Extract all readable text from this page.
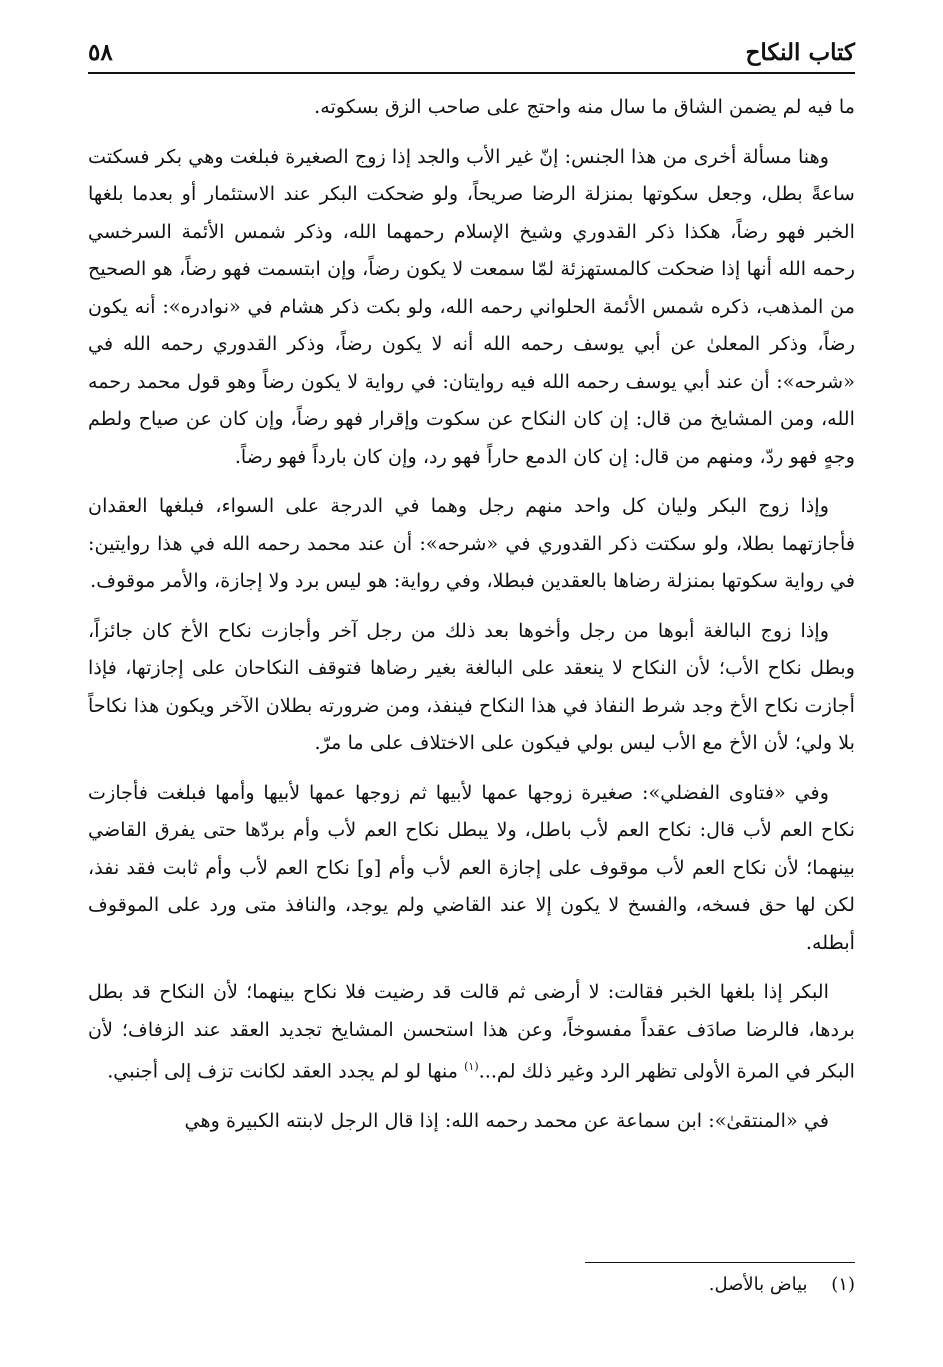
كتاب النكاح
٥٨

ما فيه لم يضمن الشاق ما سال منه واحتج على صاحب الزق بسكوته.

وهنا مسألة أخرى من هذا الجنس: إنّ غير الأب والجد إذا زوج الصغيرة فبلغت وهي بكر فسكتت ساعةً بطل، وجعل سكوتها بمنزلة الرضا صريحاً، ولو ضحكت البكر عند الاستئمار أو بعدما بلغها الخبر فهو رضاً، هكذا ذكر القدوري وشيخ الإسلام رحمهما الله، وذكر شمس الأئمة السرخسي رحمه الله أنها إذا ضحكت كالمستهزئة لمّا سمعت لا يكون رضاً، وإن ابتسمت فهو رضاً، هو الصحيح من المذهب، ذكره شمس الأئمة الحلواني رحمه الله، ولو بكت ذكر هشام في «نوادره»: أنه يكون رضاً، وذكر المعلىٰ عن أبي يوسف رحمه الله أنه لا يكون رضاً، وذكر القدوري رحمه الله في «شرحه»: أن عند أبي يوسف رحمه الله فيه روايتان: في رواية لا يكون رضاً وهو قول محمد رحمه الله، ومن المشايخ من قال: إن كان النكاح عن سكوت وإقرار فهو رضاً، وإن كان عن صياح ولطم وجهٍ فهو ردّ، ومنهم من قال: إن كان الدمع حاراً فهو رد، وإن كان بارداً فهو رضاً.

وإذا زوج البكر وليان كل واحد منهم رجل وهما في الدرجة على السواء، فبلغها العقدان فأجازتهما بطلا، ولو سكتت ذكر القدوري في «شرحه»: أن عند محمد رحمه الله في هذا روايتين: في رواية سكوتها بمنزلة رضاها بالعقدين فبطلا، وفي رواية: هو ليس برد ولا إجازة، والأمر موقوف.

وإذا زوج البالغة أبوها من رجل وأخوها بعد ذلك من رجل آخر وأجازت نكاح الأخ كان جائزاً، وبطل نكاح الأب؛ لأن النكاح لا ينعقد على البالغة بغير رضاها فتوقف النكاحان على إجازتها، فإذا أجازت نكاح الأخ وجد شرط النفاذ في هذا النكاح فينفذ، ومن ضرورته بطلان الآخر ويكون هذا نكاحاً بلا ولي؛ لأن الأخ مع الأب ليس بولي فيكون على الاختلاف على ما مرّ.

وفي «فتاوى الفضلي»: صغيرة زوجها عمها لأبيها ثم زوجها عمها لأبيها وأمها فبلغت فأجازت نكاح العم لأب قال: نكاح العم لأب باطل، ولا يبطل نكاح العم لأب وأم بردّها حتى يفرق القاضي بينهما؛ لأن نكاح العم لأب موقوف على إجازة العم لأب وأم [و] نكاح العم لأب وأم ثابت فقد نفذ، لكن لها حق فسخه، والفسخ لا يكون إلا عند القاضي ولم يوجد، والنافذ متى ورد على الموقوف أبطله.

البكر إذا بلغها الخبر فقالت: لا أرضى ثم قالت قد رضيت فلا نكاح بينهما؛ لأن النكاح قد بطل بردها، فالرضا صادَف عقداً مفسوخاً، وعن هذا استحسن المشايخ تجديد العقد عند الزفاف؛ لأن البكر في المرة الأولى تظهر الرد وغير ذلك لم...$^{(١)}$ منها لو لم يجدد العقد لكانت تزف إلى أجنبي.

في «المنتقىٰ»: ابن سماعة عن محمد رحمه الله: إذا قال الرجل لابنته الكبيرة وهي

(١) بياض بالأصل.
